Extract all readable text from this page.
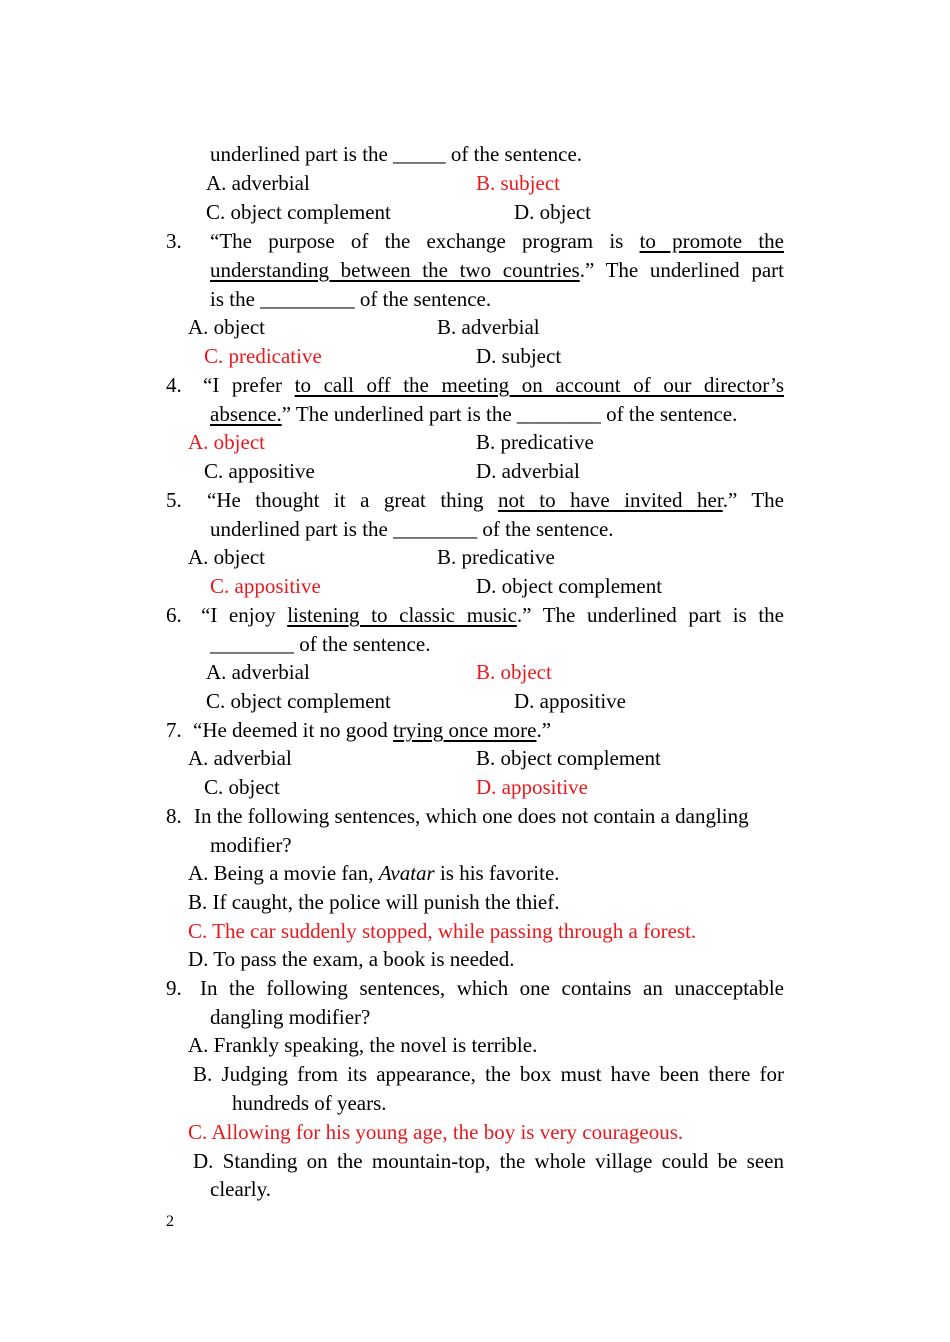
underlined part is the _____ of the sentence.
A. adverbial	B. subject
C. object complement	D. object
3. “The purpose of the exchange program is to promote the
understanding between the two countries.” The underlined part
is the _________ of the sentence.
A. object	B. adverbial
C. predicative	D. subject
4. “I prefer to call off the meeting on account of our director’s
absence.” The underlined part is the ________ of the sentence.
A. object	B. predicative
C. appositive	D. adverbial
5. “He thought it a great thing not to have invited her.” The
underlined part is the ________ of the sentence.
A. object	B. predicative
C. appositive	D. object complement
6. “I enjoy listening to classic music.” The underlined part is the
________ of the sentence.
A. adverbial	B. object
C. object complement	D. appositive
7. “He deemed it no good trying once more.”
A. adverbial	B. object complement
C. object	D. appositive
8. In the following sentences, which one does not contain a dangling
modifier?
A. Being a movie fan, Avatar is his favorite.
B. If caught, the police will punish the thief.
C. The car suddenly stopped, while passing through a forest.
D. To pass the exam, a book is needed.
9. In the following sentences, which one contains an unacceptable
dangling modifier?
A. Frankly speaking, the novel is terrible.
B. Judging from its appearance, the box must have been there for
hundreds of years.
C. Allowing for his young age, the boy is very courageous.
D. Standing on the mountain-top, the whole village could be seen
clearly.
2
